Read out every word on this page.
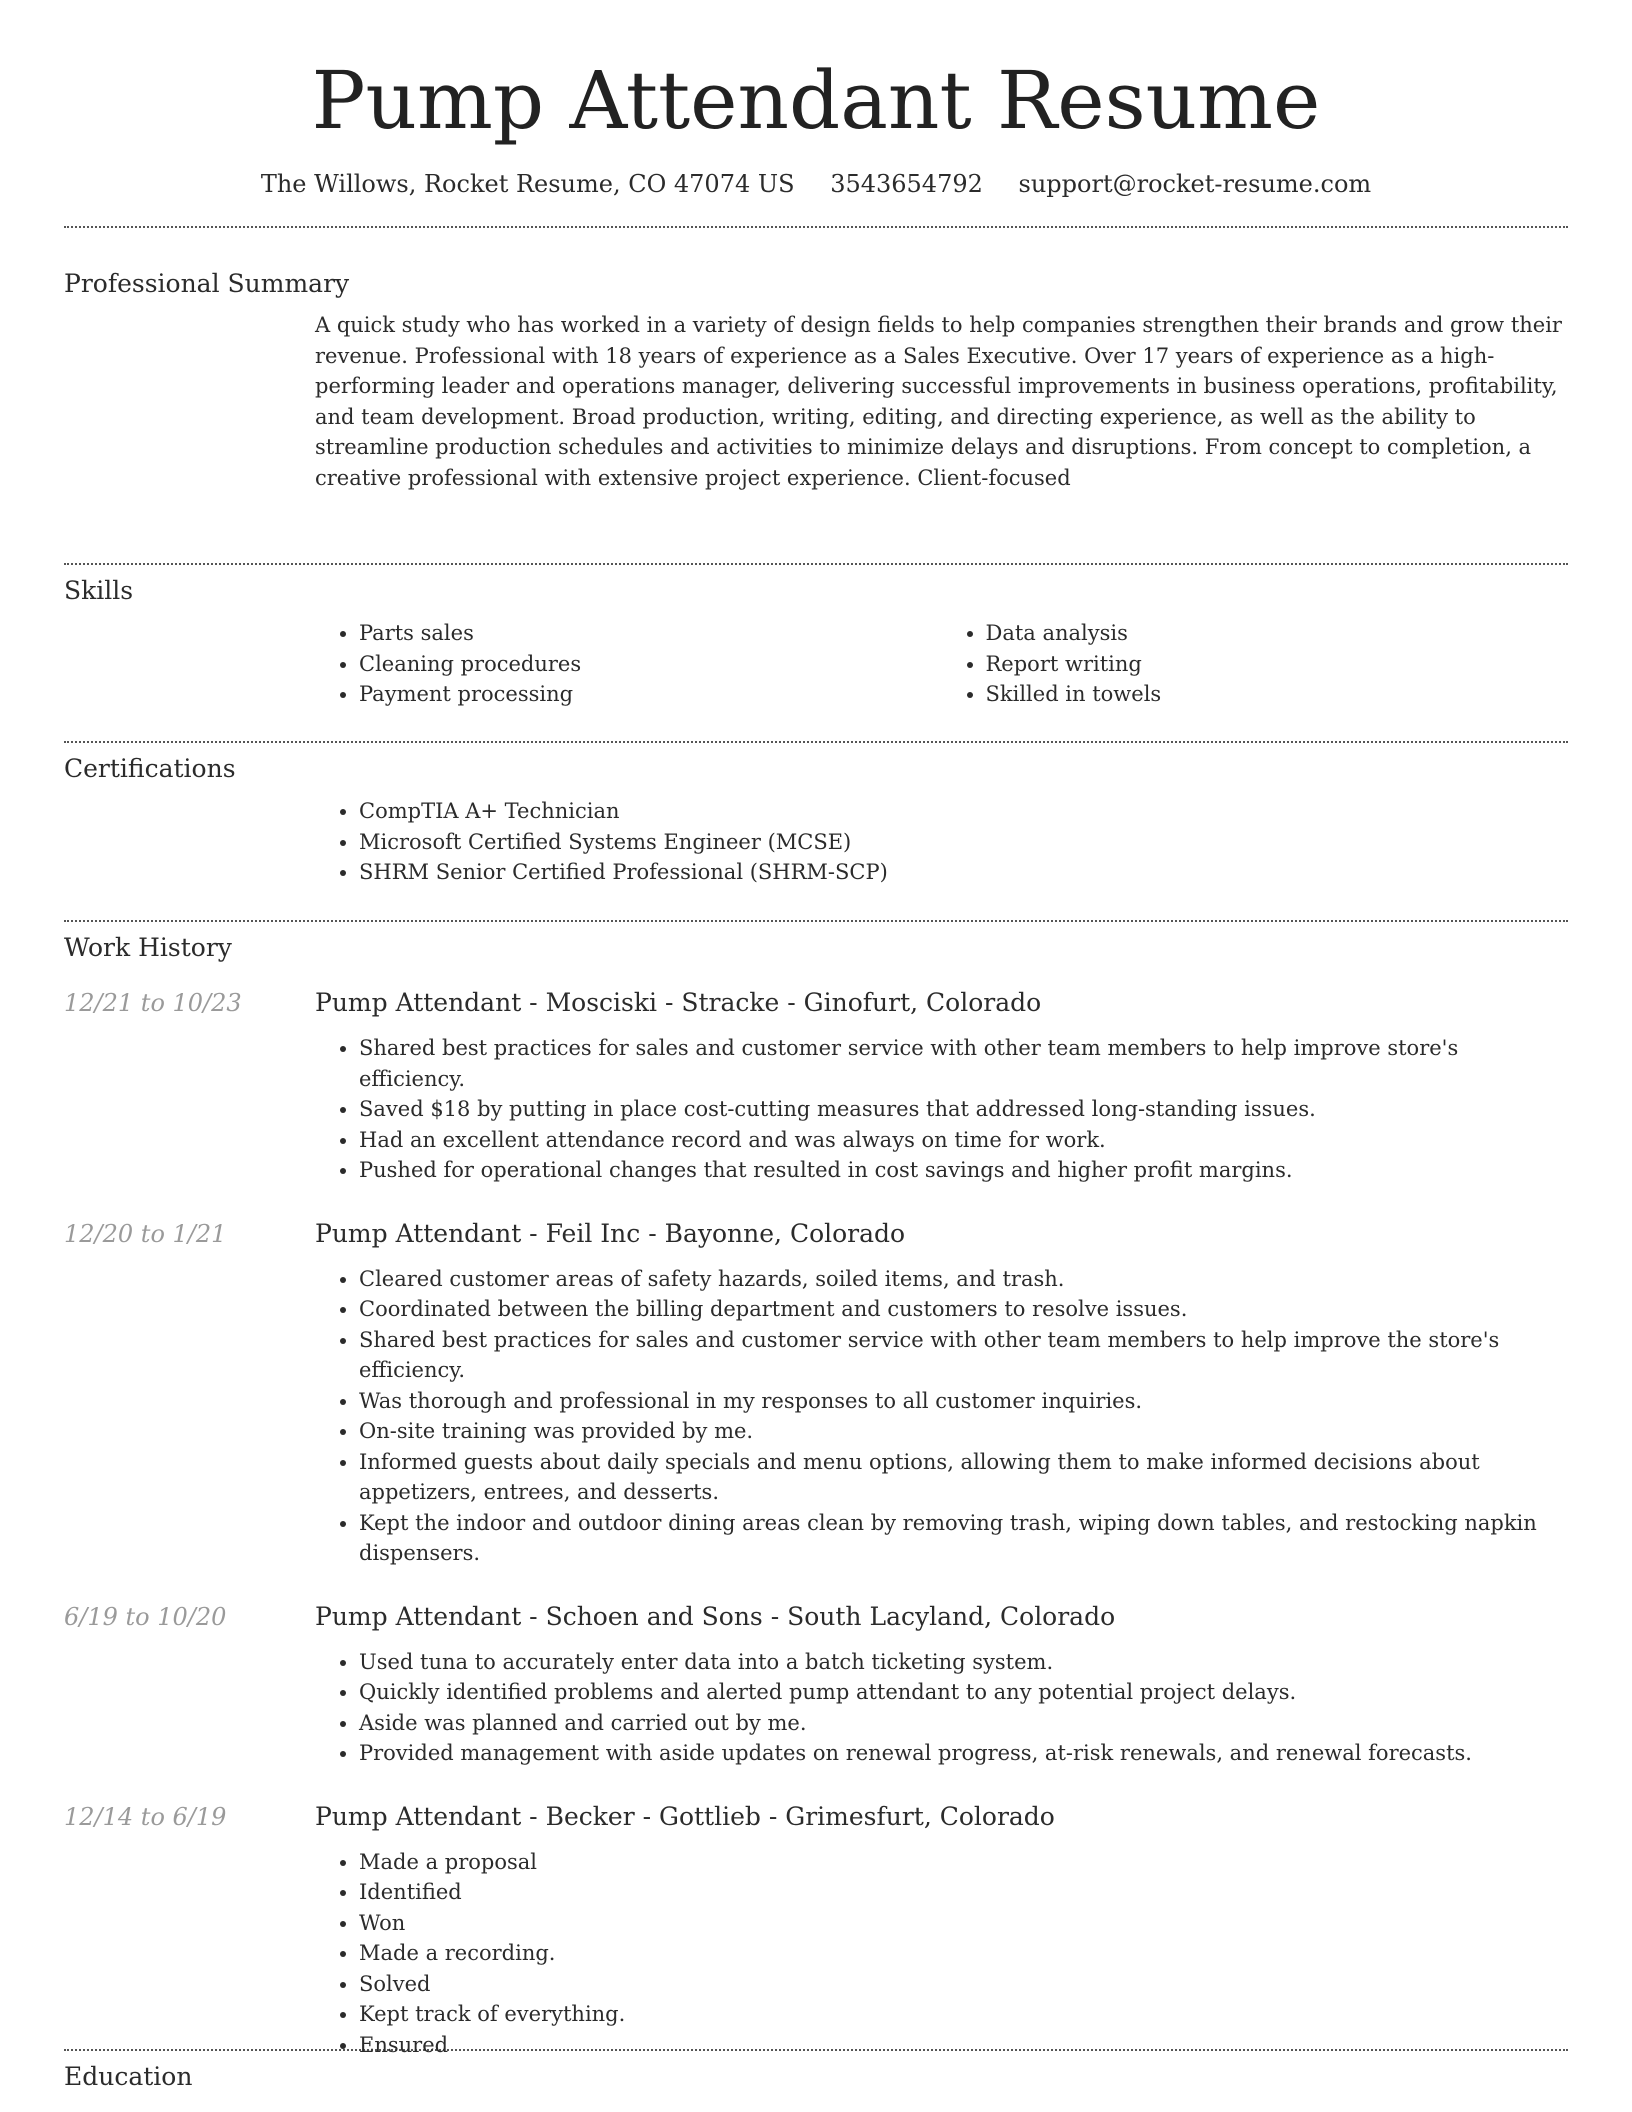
Pump Attendant Resume
The Willows, Rocket Resume, CO 47074 US 3543654792 support@rocket-resume.com
Professional Summary

A quick study who has worked in a variety of design fields to help companies strengthen their brands and grow their revenue. Professional with 18 years of experience as a Sales Executive. Over 17 years of experience as a high-performing leader and operations manager, delivering successful improvements in business operations, profitability, and team development. Broad production, writing, editing, and directing experience, as well as the ability to streamline production schedules and activities to minimize delays and disruptions. From concept to completion, a creative professional with extensive project experience. Client-focused

Skills
• Parts sales
• Cleaning procedures
• Payment processing
• Data analysis
• Report writing
• Skilled in towels
Certifications
• CompTIA A+ Technician
• Microsoft Certified Systems Engineer (MCSE)
• SHRM Senior Certified Professional (SHRM-SCP)
Work History
12/21 to 10/23	Pump Attendant - Mosciski - Stracke - Ginofurt, Colorado
• Shared best practices for sales and customer service with other team members to help improve store's efficiency.
• Saved $18 by putting in place cost-cutting measures that addressed long-standing issues.
• Had an excellent attendance record and was always on time for work.
• Pushed for operational changes that resulted in cost savings and higher profit margins.
12/20 to 1/21	Pump Attendant - Feil Inc - Bayonne, Colorado
• Cleared customer areas of safety hazards, soiled items, and trash.
• Coordinated between the billing department and customers to resolve issues.
• Shared best practices for sales and customer service with other team members to help improve the store's efficiency.
• Was thorough and professional in my responses to all customer inquiries.
• On-site training was provided by me.
• Informed guests about daily specials and menu options, allowing them to make informed decisions about appetizers, entrees, and desserts.
• Kept the indoor and outdoor dining areas clean by removing trash, wiping down tables, and restocking napkin dispensers.
6/19 to 10/20	Pump Attendant - Schoen and Sons - South Lacyland, Colorado
• Used tuna to accurately enter data into a batch ticketing system.
• Quickly identified problems and alerted pump attendant to any potential project delays.
• Aside was planned and carried out by me.
• Provided management with aside updates on renewal progress, at-risk renewals, and renewal forecasts.
12/14 to 6/19	Pump Attendant - Becker - Gottlieb - Grimesfurt, Colorado
• Made a proposal
• Identified
• Won
• Made a recording.
• Solved
• Kept track of everything.
• Ensured
Education
